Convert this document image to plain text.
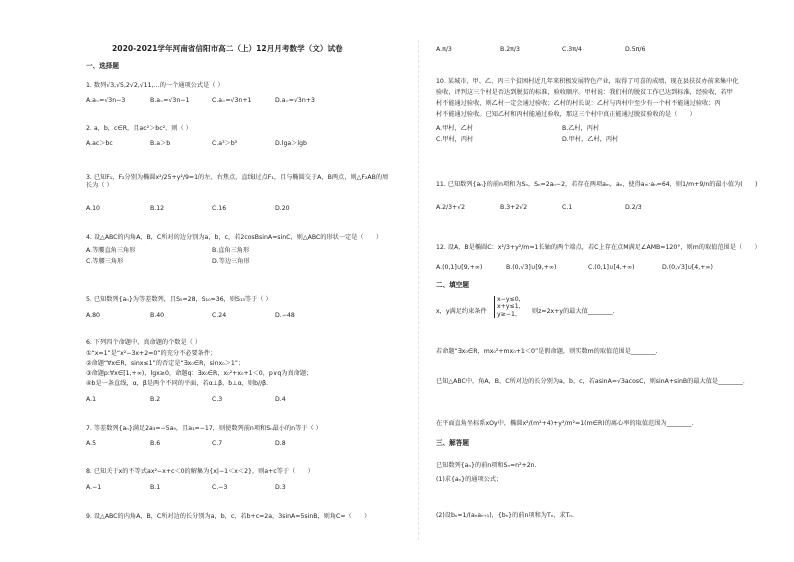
2020-2021学年河南省信阳市高二（上）12月月考数学（文）试卷
一、选择题
1. 数列√3,√5,2√2,√11,…的一个通项公式是（ ）
A.a₌=√3n−3	B.a₌=√3n−1	C.a₌=√3n+1	D.a₌=√3n+3
2. a，b，c∈R，且ac²＞bc²，则（ ）
A.ac＞bc	B.a＞b	C.a³＞b³	D.lga＞lgb
3. 已知F₁，F₂分别为椭圆x²/25+y²/9=1的左、右焦点，直线l过点F₁，且与椭圆交于A，B两点，则△F₂AB的周长为（ ）
A.10	B.12	C.16	D.20
4. 设△ABC的内角A，B，C所对的边分别为a，b，c，若2cosBsinA=sinC，则△ABC的形状一定是（　　）
A.等腰直角三角形	B.直角三角形
C.等腰三角形	D.等边三角形
5. 已知数列{aₙ}为等差数列，且S₅=28，S₁₀=36，则S₁₅等于（ ）
A.80	B.40	C.24	D.−48
6. 下列四个命题中，真命题的个数是（ ）
①“x=1”是“x²−3x+2=0”的充分不必要条件；
②命题“∀x∈R，sinx≤1”的否定是“∃x₀∈R，sinx₀＞1”；
③命题p:∀x∈[1,+∞)，lgx≥0，命题q：∃x₀∈R，x₀²+x₀+1＜0，p∨q为真命题；
④b是一条直线，α，β是两个不同的平面，若α⊥β，b⊥α，则b//β.
A.1	B.2	C.3	D.4
7. 等差数列{aₙ}满足2a₃=−5a₉，且a₁=−17，则使数列前n项和Sₙ最小的n等于（ ）
A.5	B.6	C.7	D.8
8. 已知关于x的不等式ax²−x+c＜0的解集为{x|−1＜x＜2}，则a+c等于（　　）
A.−1	B.1	C.−3	D.3
9. 设△ABC的内角A，B，C所对边的长分别为a，b，c，若b+c=2a，3sinA=5sinB，则角C=（　　）
A.π/3	B.2π/3	C.3π/4	D.5π/6
10. 某城市，甲、乙、丙三个贫困村近几年来积极发展特色产业，取得了可喜的成绩，现在县扶贫办前来集中化
验收，评判这三个村是否达到脱贫的标准，验收顺序。甲村说：我们村的脱贫工作已达到标准，经验收，若甲
村不能通过验收，则乙村一定会通过验收；乙村的村长说：乙村与丙村中至少有一个村不能通过验收；丙
村不能通过验收。已知乙村和丙村能通过验收，那这三个村中真正能通过脱贫验收的是（　　）
A.甲村，乙村	B.乙村，丙村
C.甲村，丙村	D.甲村，乙村，丙村
11. 已知数列{aₙ}的前n项和为Sₙ，Sₙ=2aₙ−2，若存在两项aₘ，aₙ，使得aₘ·aₙ=64，则1/m+9/n的最小值为(　　)
A.2/3+√2	B.3+2√2	C.1	D.2/3
12. 设A，B是椭圆C：x²/3+y²/m=1长轴的两个端点，若C上存在点M满足∠AMB=120°，则m的取值范围是（　　）
A.(0,1]∪[9,+∞)	B.(0,√3]∪[9,+∞)	C.(0,1]∪[4,+∞)	D.(0,√3]∪[4,+∞)
二、填空题
x，y满足约束条件
x−y≤0,
x+y≤1,
y≥−1,	则z=2x+y的最大值________.
若命题“∃x₀∈R，mx₀²+mx₀+1＜0”是假命题，则实数m的取值范围是________.
已知△ABC中，角A，B，C所对边的长分别为a，b，c，若asinA=√3acosC，则sinA+sinB的最大值是________.
在平面直角坐标系xOy中，椭圆x²/(m²+4)+y²/m²=1(m∈R)的离心率的取值范围为________.
三、解答题
已知数列{aₙ}的前n项和Sₙ=n²+2n.
(1)求{aₙ}的通项公式；
(2)设bₙ=1/(aₙaₙ₊₁)，{bₙ}的前n项和为Tₙ，求Tₙ.
